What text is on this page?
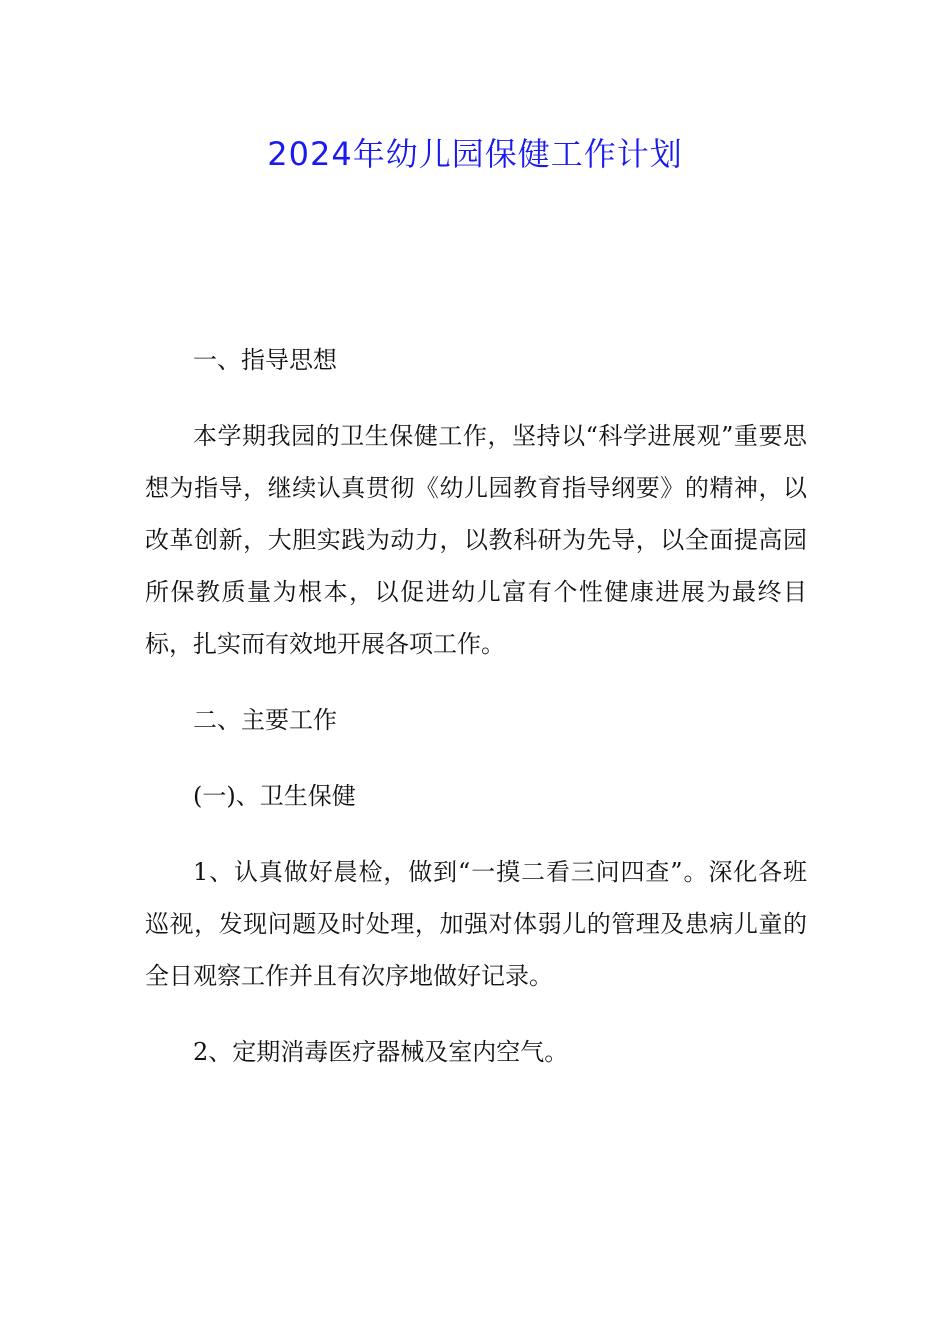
2024年幼儿园保健工作计划

一、指导思想

本学期我园的卫生保健工作，坚持以“科学进展观”重要思想为指导，继续认真贯彻《幼儿园教育指导纲要》的精神，以改革创新，大胆实践为动力，以教科研为先导，以全面提高园所保教质量为根本，以促进幼儿富有个性健康进展为最终目标，扎实而有效地开展各项工作。

二、主要工作

(一)、卫生保健

1、认真做好晨检，做到“一摸二看三问四查”。深化各班巡视，发现问题及时处理，加强对体弱儿的管理及患病儿童的全日观察工作并且有次序地做好记录。

2、定期消毒医疗器械及室内空气。
